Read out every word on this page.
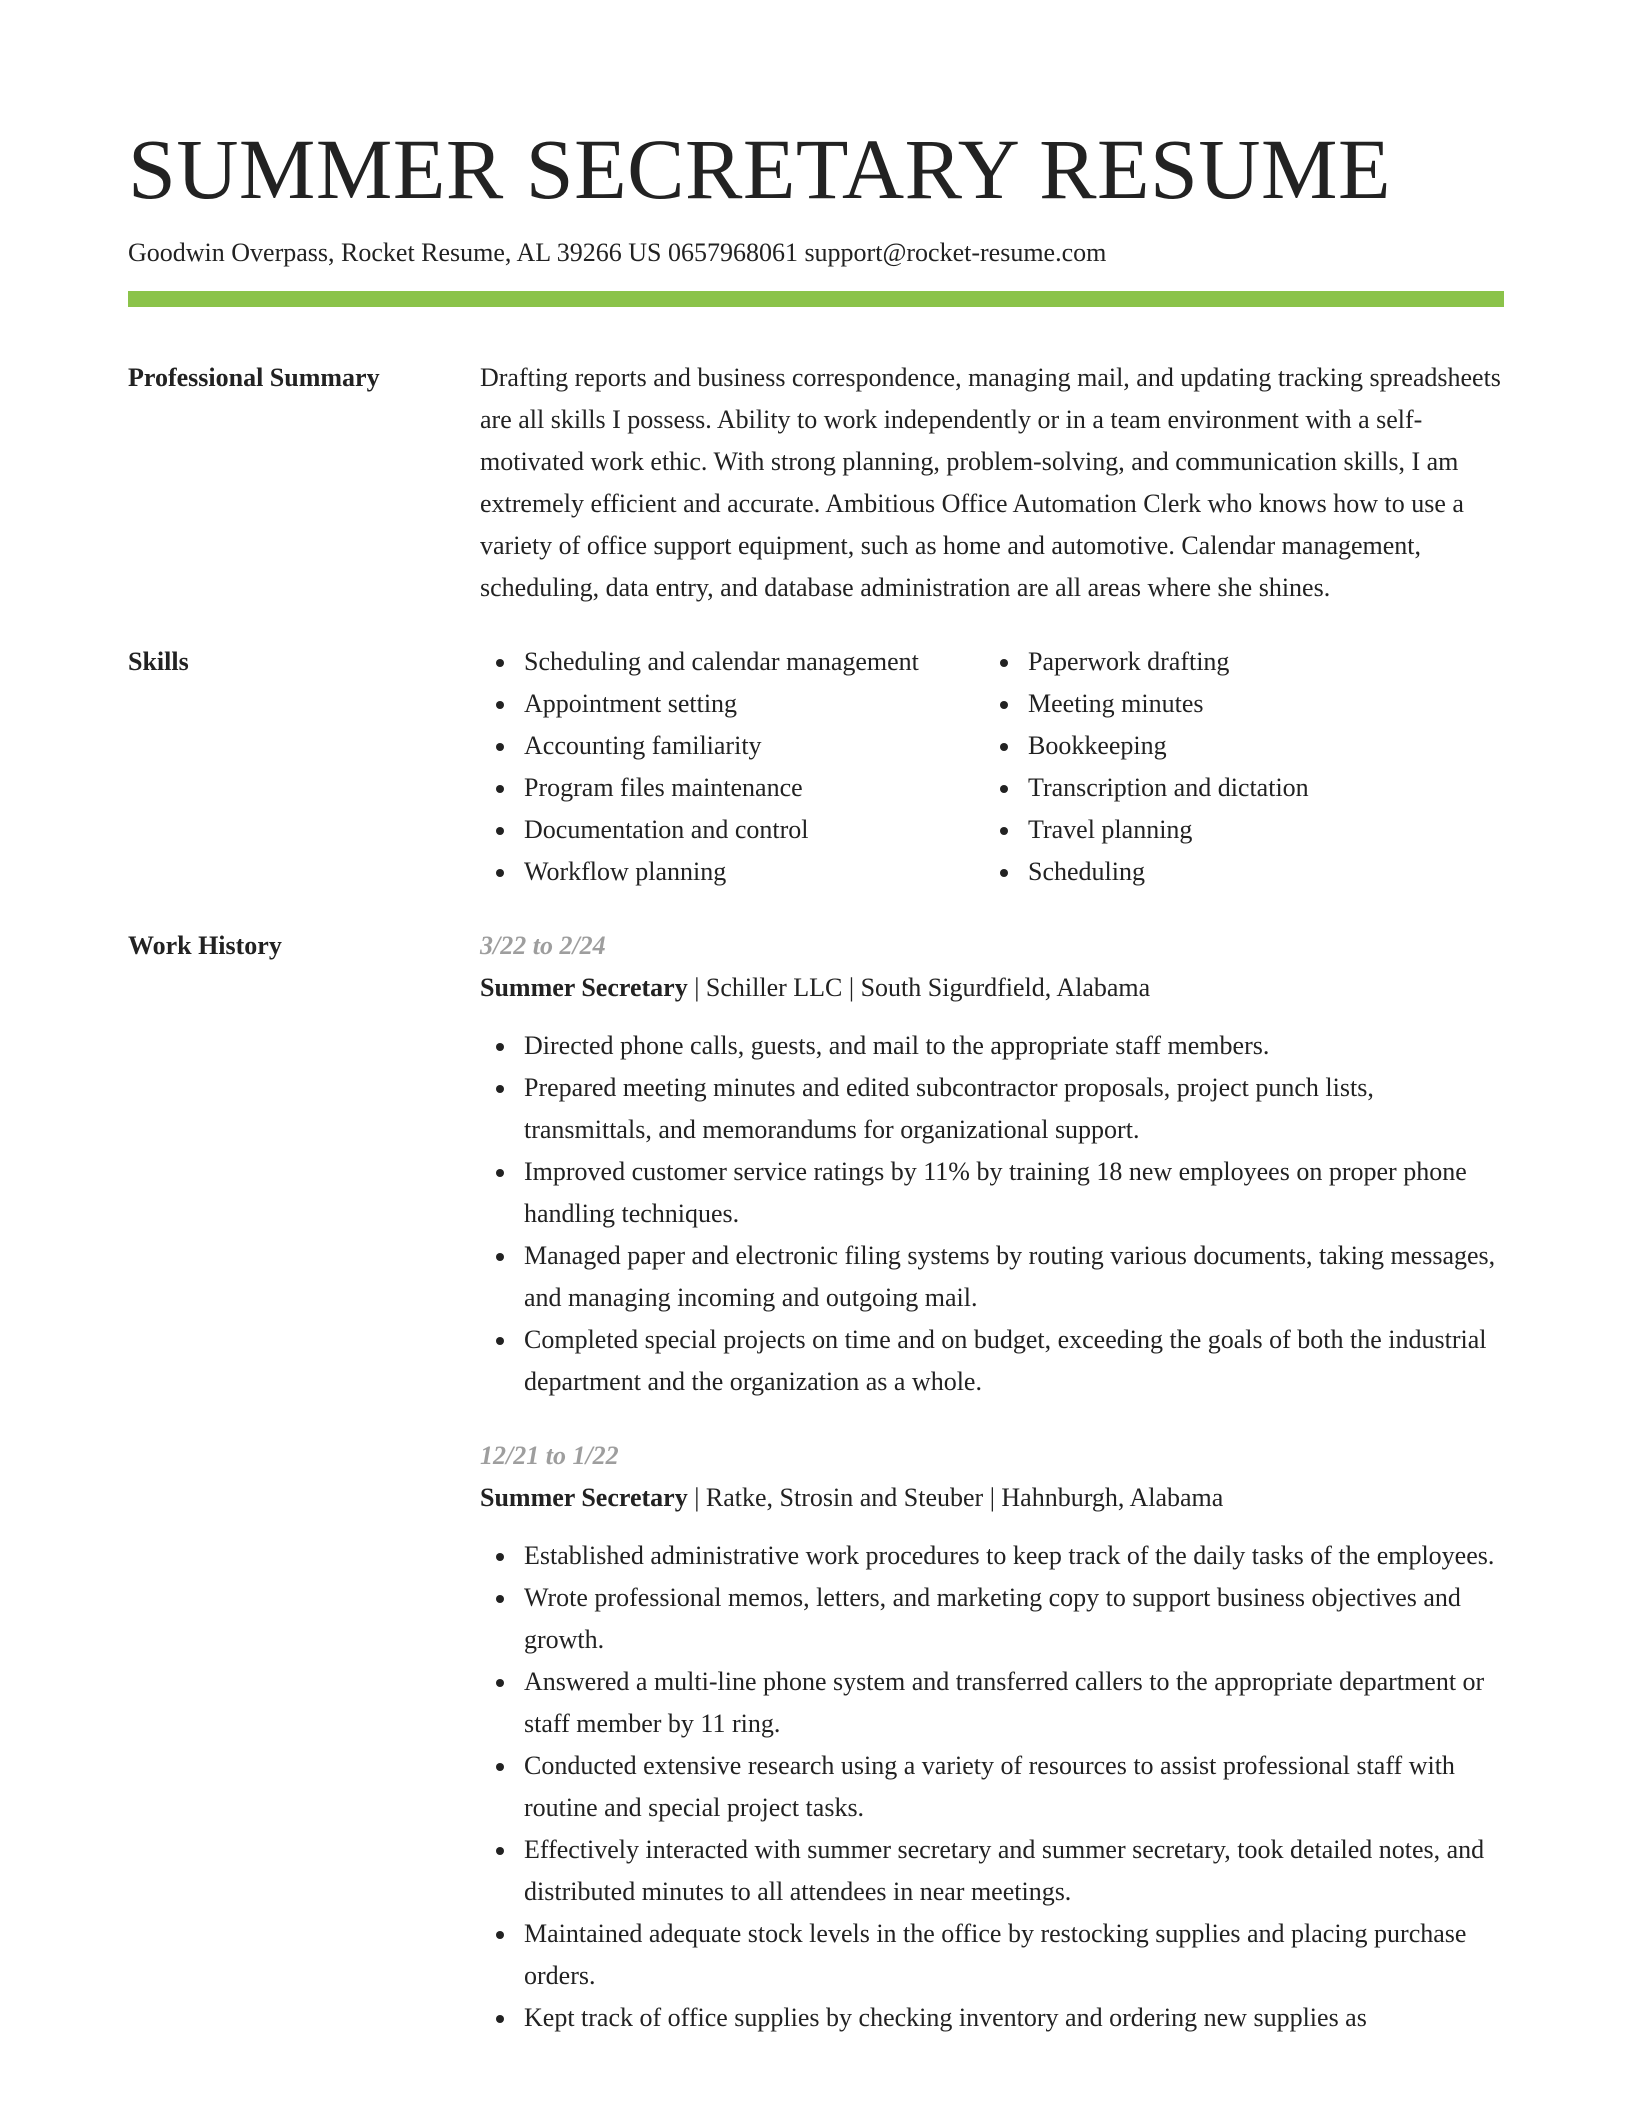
SUMMER SECRETARY RESUME
Goodwin Overpass, Rocket Resume, AL 39266 US 0657968061 support@rocket-resume.com
Professional Summary	Drafting reports and business correspondence, managing mail, and updating tracking spreadsheets are all skills I possess. Ability to work independently or in a team environment with a self-motivated work ethic. With strong planning, problem-solving, and communication skills, I am extremely efficient and accurate. Ambitious Office Automation Clerk who knows how to use a variety of office support equipment, such as home and automotive. Calendar management, scheduling, data entry, and database administration are all areas where she shines.

Skills	Scheduling and calendar management
Appointment setting
Accounting familiarity
Program files maintenance
Documentation and control
Workflow planning
Paperwork drafting
Meeting minutes
Bookkeeping
Transcription and dictation
Travel planning
Scheduling
Work History	3/22 to 2/24
Summer Secretary | Schiller LLC | South Sigurdfield, Alabama
Directed phone calls, guests, and mail to the appropriate staff members.
Prepared meeting minutes and edited subcontractor proposals, project punch lists, transmittals, and memorandums for organizational support.
Improved customer service ratings by 11% by training 18 new employees on proper phone handling techniques.
Managed paper and electronic filing systems by routing various documents, taking messages, and managing incoming and outgoing mail.
Completed special projects on time and on budget, exceeding the goals of both the industrial department and the organization as a whole.
12/21 to 1/22
Summer Secretary | Ratke, Strosin and Steuber | Hahnburgh, Alabama
Established administrative work procedures to keep track of the daily tasks of the employees.
Wrote professional memos, letters, and marketing copy to support business objectives and growth.
Answered a multi-line phone system and transferred callers to the appropriate department or staff member by 11 ring.
Conducted extensive research using a variety of resources to assist professional staff with routine and special project tasks.
Effectively interacted with summer secretary and summer secretary, took detailed notes, and distributed minutes to all attendees in near meetings.
Maintained adequate stock levels in the office by restocking supplies and placing purchase orders.
Kept track of office supplies by checking inventory and ordering new supplies as
